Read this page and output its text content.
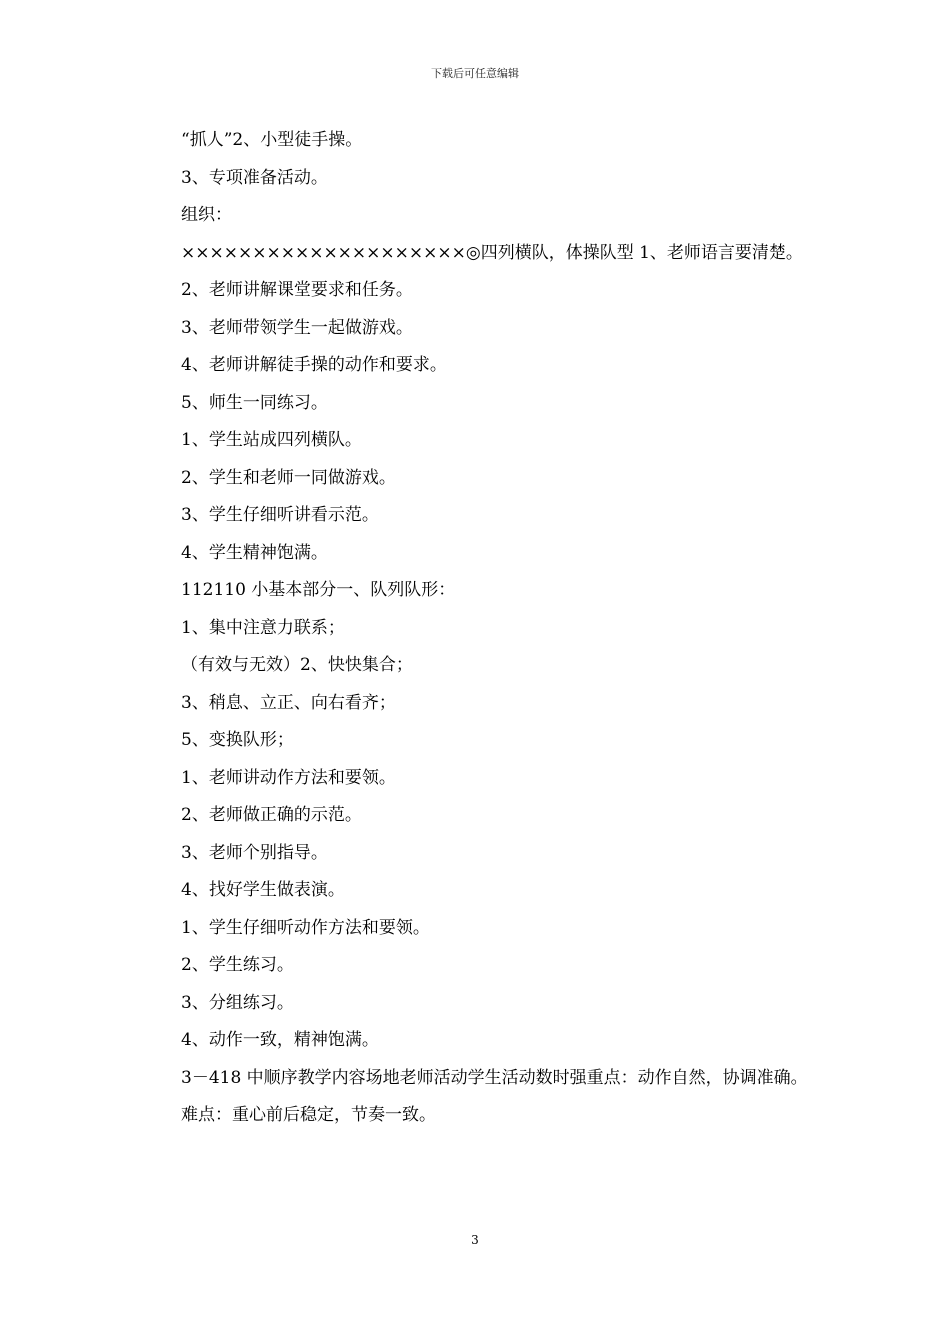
下载后可任意编辑

“抓人”2、小型徒手操。

3、专项准备活动。

组织：

××××××××××××××××××××◎四列横队，体操队型 1、老师语言要清楚。

2、老师讲解课堂要求和任务。

3、老师带领学生一起做游戏。

4、老师讲解徒手操的动作和要求。

5、师生一同练习。

1、学生站成四列横队。

2、学生和老师一同做游戏。

3、学生仔细听讲看示范。

4、学生精神饱满。

112110 小基本部分一、队列队形：

1、集中注意力联系；

（有效与无效）2、快快集合；

3、稍息、立正、向右看齐；

5、变换队形；

1、老师讲动作方法和要领。

2、老师做正确的示范。

3、老师个别指导。

4、找好学生做表演。

1、学生仔细听动作方法和要领。

2、学生练习。

3、分组练习。

4、动作一致，精神饱满。

3－418 中顺序教学内容场地老师活动学生活动数时强重点：动作自然，协调准确。

难点：重心前后稳定，节奏一致。

3
